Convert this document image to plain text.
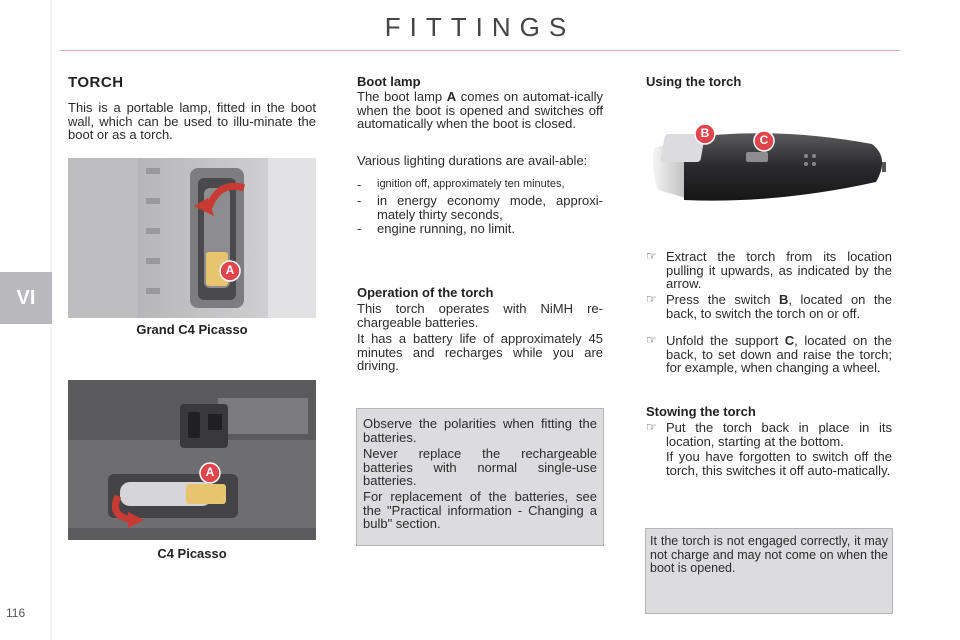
FITTINGS
VI
116
TORCH
This is a portable lamp, fitted in the boot wall, which can be used to illu-minate the boot or as a torch.
A
Grand C4 Picasso
A
C4 Picasso
Boot lamp
The boot lamp A comes on automat-ically when the boot is opened and switches off automatically when the boot is closed.
Various lighting durations are avail-able:
- ignition off, approximately ten minutes,
- in energy economy mode, approxi-mately thirty seconds,
- engine running, no limit.
Operation of the torch
This torch operates with NiMH re-chargeable batteries.
It has a battery life of approximately 45 minutes and recharges while you are driving.
Observe the polarities when fitting the batteries.
Never replace the rechargeable batteries with normal single-use batteries.
For replacement of the batteries, see the "Practical information - Changing a bulb" section.
Using the torch
B	C
☞ Extract the torch from its location pulling it upwards, as indicated by the arrow.
☞ Press the switch B, located on the back, to switch the torch on or off.
☞ Unfold the support C, located on the back, to set down and raise the torch; for example, when changing a wheel.
Stowing the torch
☞ Put the torch back in place in its location, starting at the bottom.
If you have forgotten to switch off the torch, this switches it off auto-matically.
It the torch is not engaged correctly, it may not charge and may not come on when the boot is opened.
